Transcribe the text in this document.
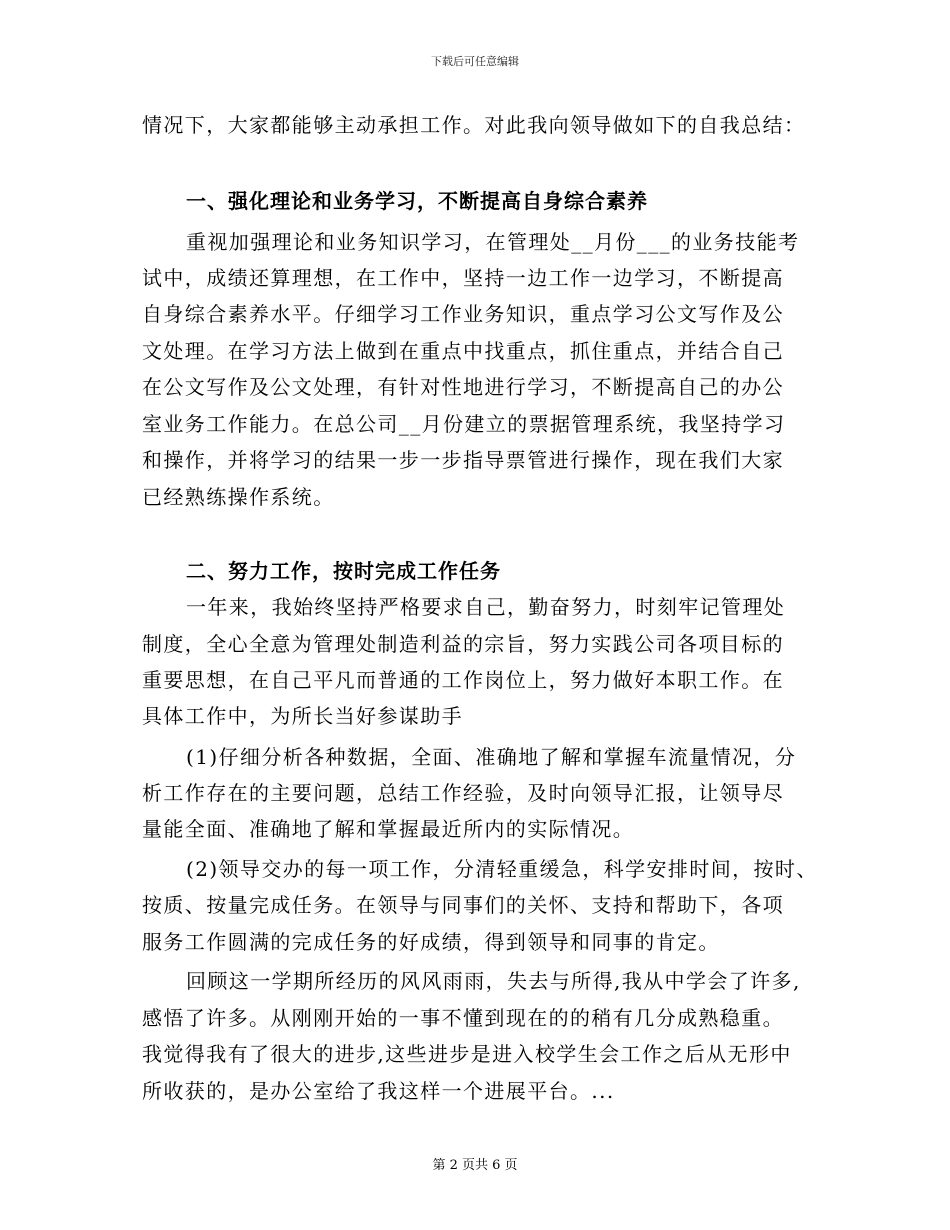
下载后可任意编辑
情况下，大家都能够主动承担工作。对此我向领导做如下的自我总结：
一、强化理论和业务学习，不断提高自身综合素养
重视加强理论和业务知识学习，在管理处__月份___的业务技能考
试中，成绩还算理想，在工作中，坚持一边工作一边学习，不断提高
自身综合素养水平。仔细学习工作业务知识，重点学习公文写作及公
文处理。在学习方法上做到在重点中找重点，抓住重点，并结合自己
在公文写作及公文处理，有针对性地进行学习，不断提高自己的办公
室业务工作能力。在总公司__月份建立的票据管理系统，我坚持学习
和操作，并将学习的结果一步一步指导票管进行操作，现在我们大家
已经熟练操作系统。
二、努力工作，按时完成工作任务
一年来，我始终坚持严格要求自己，勤奋努力，时刻牢记管理处
制度，全心全意为管理处制造利益的宗旨，努力实践公司各项目标的
重要思想，在自己平凡而普通的工作岗位上，努力做好本职工作。在
具体工作中，为所长当好参谋助手
(1)仔细分析各种数据，全面、准确地了解和掌握车流量情况，分
析工作存在的主要问题，总结工作经验，及时向领导汇报，让领导尽
量能全面、准确地了解和掌握最近所内的实际情况。
(2)领导交办的每一项工作，分清轻重缓急，科学安排时间，按时、
按质、按量完成任务。在领导与同事们的关怀、支持和帮助下，各项
服务工作圆满的完成任务的好成绩，得到领导和同事的肯定。
回顾这一学期所经历的风风雨雨，失去与所得,我从中学会了许多,
感悟了许多。从刚刚开始的一事不懂到现在的的稍有几分成熟稳重。
我觉得我有了很大的进步,这些进步是进入校学生会工作之后从无形中
所收获的，是办公室给了我这样一个进展平台。...
第 2 页共 6 页
